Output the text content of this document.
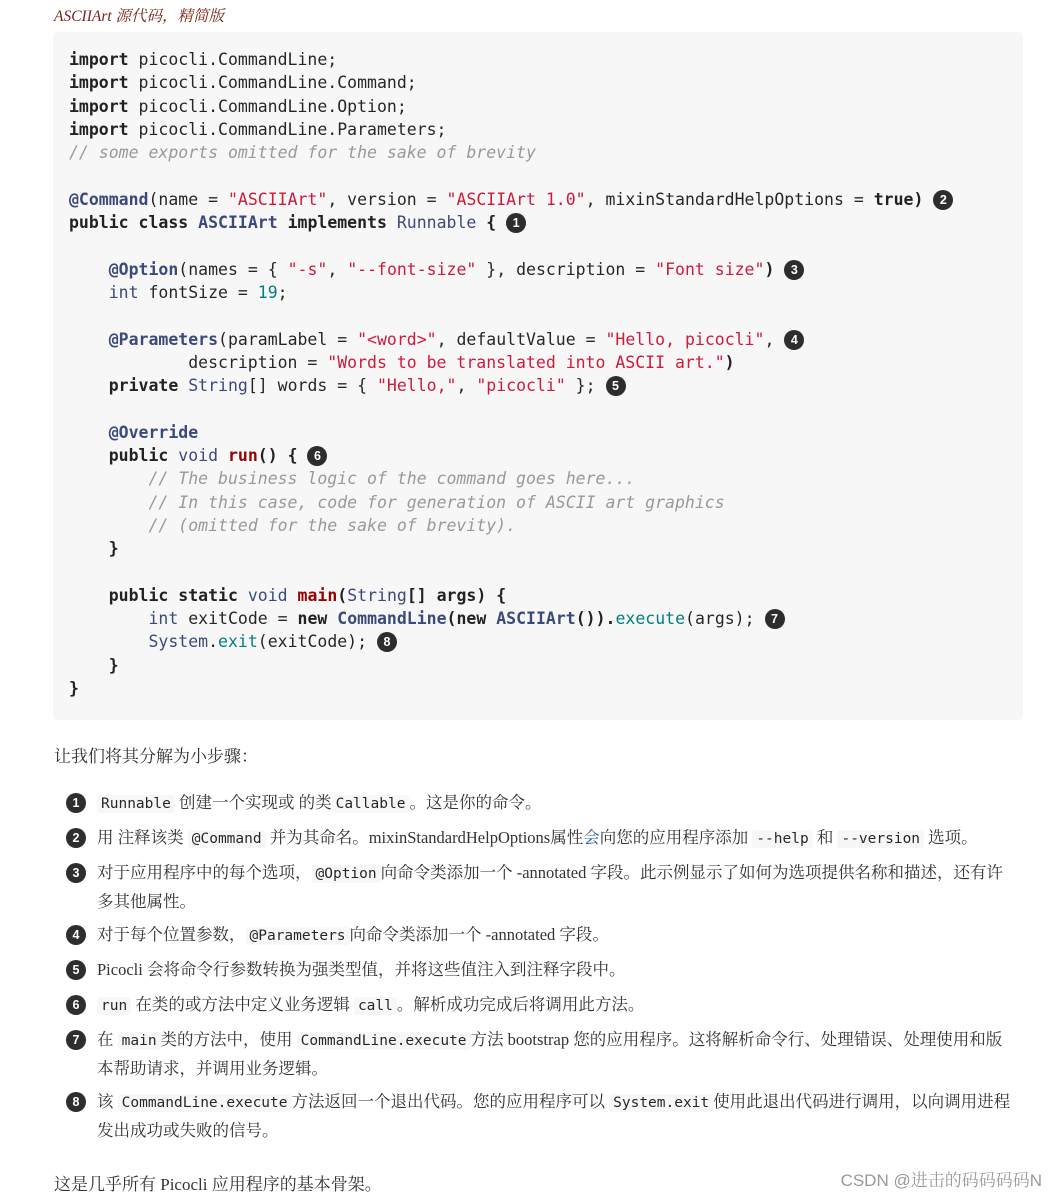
ASCIIArt 源代码，精简版
import picocli.CommandLine;
import picocli.CommandLine.Command;
import picocli.CommandLine.Option;
import picocli.CommandLine.Parameters;
// some exports omitted for the sake of brevity

@Command(name = "ASCIIArt", version = "ASCIIArt 1.0", mixinStandardHelpOptions = true) 2
public class ASCIIArt implements Runnable { 1

@Option(names = { "-s", "--font-size" }, description = "Font size") 3
int fontSize = 19;

@Parameters(paramLabel = "<word>", defaultValue = "Hello, picocli", 4
description = "Words to be translated into ASCII art.")
private String[] words = { "Hello,", "picocli" }; 5

@Override
public void run() { 6
// The business logic of the command goes here...
// In this case, code for generation of ASCII art graphics
// (omitted for the sake of brevity).
}

public static void main(String[] args) {
int exitCode = new CommandLine(new ASCIIArt()).execute(args); 7
System.exit(exitCode); 8
}
}
让我们将其分解为小步骤：
1	Runnable 创建一个实现或 的类 Callable 。这是你的命令。
2	用 注释该类 @Command 并为其命名。mixinStandardHelpOptions属性会向您的应用程序添加 --help 和 --version 选项。
3	对于应用程序中的每个选项， @Option 向命令类添加一个 -annotated 字段。此示例显示了如何为选项提供名称和描述，还有许多其他属性。
4	对于每个位置参数， @Parameters 向命令类添加一个 -annotated 字段。
5	Picocli 会将命令行参数转换为强类型值，并将这些值注入到注释字段中。
6	run 在类的或方法中定义业务逻辑 call 。解析成功完成后将调用此方法。
7	在 main 类的方法中，使用 CommandLine.execute 方法 bootstrap 您的应用程序。这将解析命令行、处理错误、处理使用和版本帮助请求，并调用业务逻辑。
8	该 CommandLine.execute 方法返回一个退出代码。您的应用程序可以 System.exit 使用此退出代码进行调用，以向调用进程发出成功或失败的信号。
这是几乎所有 Picocli 应用程序的基本骨架。	CSDN @进击的码码码码N
